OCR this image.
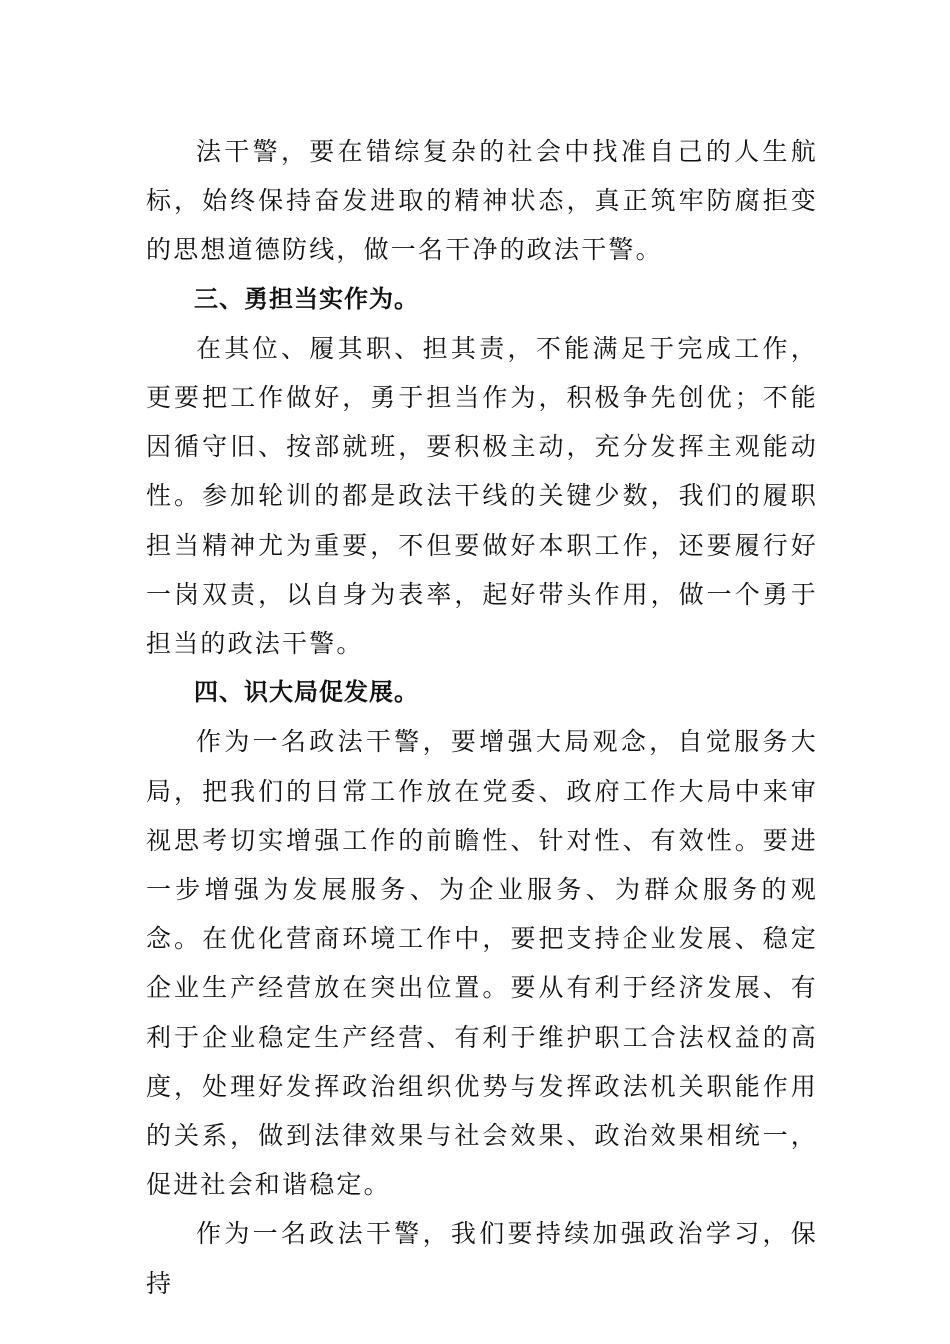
法干警，要在错综复杂的社会中找准自己的人生航标，始终保持奋发进取的精神状态，真正筑牢防腐拒变的思想道德防线，做一名干净的政法干警。

三、勇担当实作为。

在其位、履其职、担其责，不能满足于完成工作，更要把工作做好，勇于担当作为，积极争先创优；不能因循守旧、按部就班，要积极主动，充分发挥主观能动性。参加轮训的都是政法干线的关键少数，我们的履职担当精神尤为重要，不但要做好本职工作，还要履行好一岗双责，以自身为表率，起好带头作用，做一个勇于担当的政法干警。

四、识大局促发展。

作为一名政法干警，要增强大局观念，自觉服务大局，把我们的日常工作放在党委、政府工作大局中来审视思考切实增强工作的前瞻性、针对性、有效性。要进一步增强为发展服务、为企业服务、为群众服务的观念。在优化营商环境工作中，要把支持企业发展、稳定企业生产经营放在突出位置。要从有利于经济发展、有利于企业稳定生产经营、有利于维护职工合法权益的高度，处理好发挥政治组织优势与发挥政法机关职能作用的关系，做到法律效果与社会效果、政治效果相统一，促进社会和谐稳定。

作为一名政法干警，我们要持续加强政治学习，保持
